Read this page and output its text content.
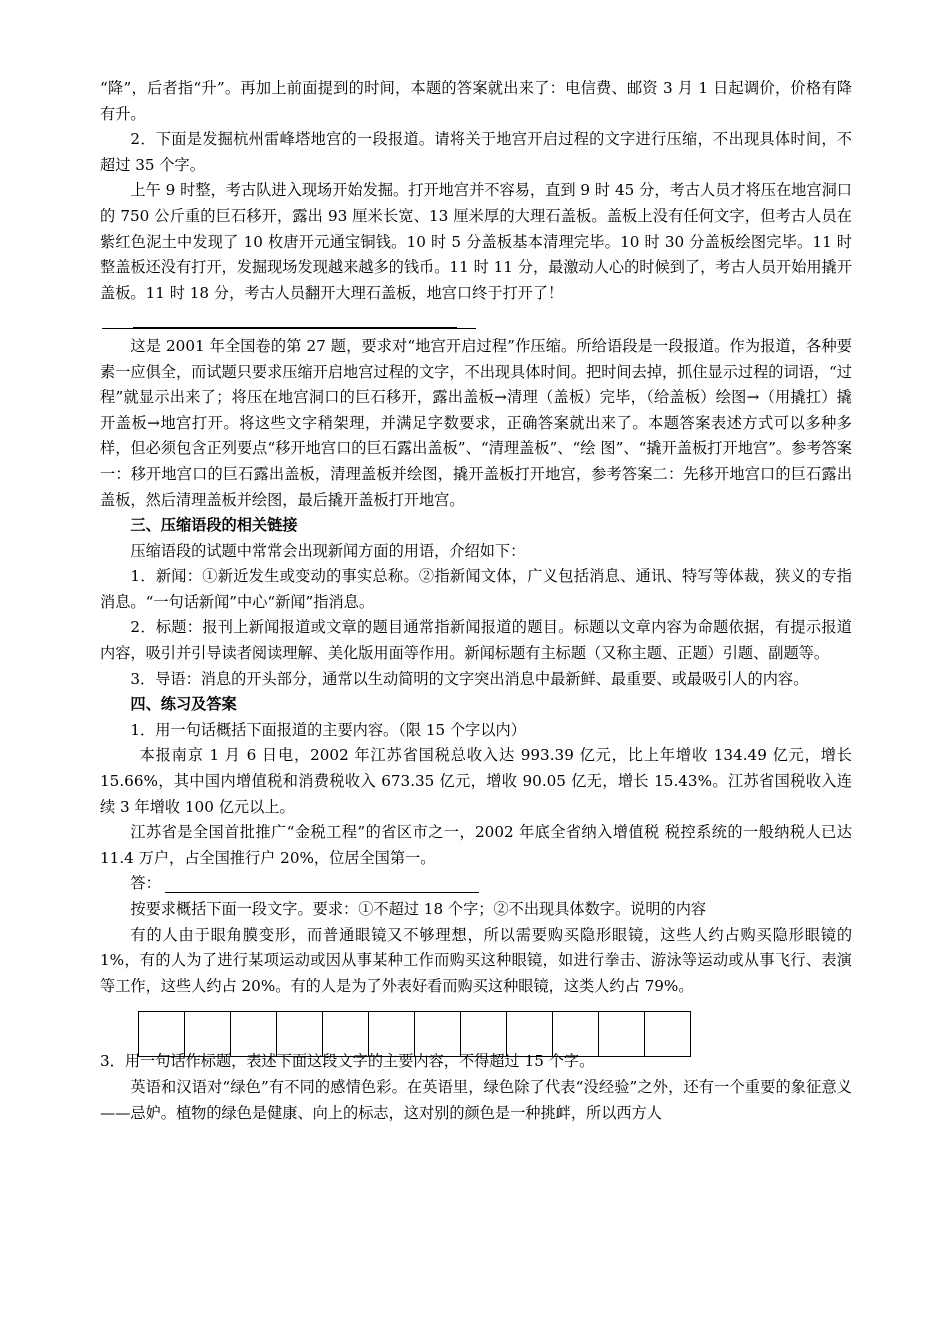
“降”，后者指“升”。再加上前面提到的时间，本题的答案就出来了：电信费、邮资 3 月 1 日起调价，价格有降有升。

2．下面是发掘杭州雷峰塔地宫的一段报道。请将关于地宫开启过程的文字进行压缩，不出现具体时间，不超过 35 个字。

上午 9 时整，考古队进入现场开始发掘。打开地宫并不容易，直到 9 时 45 分，考古人员才将压在地宫洞口的 750 公斤重的巨石移开，露出 93 厘米长宽、13 厘米厚的大理石盖板。盖板上没有任何文字，但考古人员在紫红色泥土中发现了 10 枚唐开元通宝铜钱。10 时 5 分盖板基本清理完毕。10 时 30 分盖板绘图完毕。11 时整盖板还没有打开，发掘现场发现越来越多的钱币。11 时 11 分，最激动人心的时候到了，考古人员开始用撬开盖板。11 时 18 分，考古人员翻开大理石盖板，地宫口终于打开了！

这是 2001 年全国卷的第 27 题，要求对“地宫开启过程”作压缩。所给语段是一段报道。作为报道，各种要素一应俱全，而试题只要求压缩开启地宫过程的文字，不出现具体时间。把时间去掉，抓住显示过程的词语，“过程”就显示出来了；将压在地宫洞口的巨石移开，露出盖板→清理（盖板）完毕，（给盖板）绘图→（用撬扛）撬开盖板→地宫打开。将这些文字稍架理，并满足字数要求，正确答案就出来了。本题答案表述方式可以多种多样，但必须包含正列要点“移开地宫口的巨石露出盖板”、“清理盖板”、“绘 图”、“撬开盖板打开地宫”。参考答案一：移开地宫口的巨石露出盖板，清理盖板并绘图，撬开盖板打开地宫，参考答案二：先移开地宫口的巨石露出盖板，然后清理盖板并绘图，最后撬开盖板打开地宫。

三、压缩语段的相关链接

压缩语段的试题中常常会出现新闻方面的用语，介绍如下：

1．新闻：①新近发生或变动的事实总称。②指新闻文体，广义包括消息、通讯、特写等体裁，狭义的专指消息。“一句话新闻”中心“新闻”指消息。

2．标题：报刊上新闻报道或文章的题目通常指新闻报道的题目。标题以文章内容为命题依据，有提示报道内容，吸引并引导读者阅读理解、美化版用面等作用。新闻标题有主标题（又称主题、正题）引题、副题等。

3．导语：消息的开头部分，通常以生动简明的文字突出消息中最新鲜、最重要、或最吸引人的内容。

四、练习及答案

1．用一句话概括下面报道的主要内容。（限 15 个字以内）

本报南京 1 月 6 日电，2002 年江苏省国税总收入达 993.39 亿元，比上年增收 134.49 亿元，增长 15.66%，其中国内增值税和消费税收入 673.35 亿元，增收 90.05 亿无，增长 15.43%。江苏省国税收入连续 3 年增收 100 亿元以上。

江苏省是全国首批推广“金税工程”的省区市之一，2002 年底全省纳入增值税 税控系统的一般纳税人已达 11.4 万户，占全国推行户 20%，位居全国第一。

答：

按要求概括下面一段文字。要求：①不超过 18 个字；②不出现具体数字。说明的内容

有的人由于眼角膜变形，而普通眼镜又不够理想，所以需要购买隐形眼镜，这些人约占购买隐形眼镜的 1%，有的人为了进行某项运动或因从事某种工作而购买这种眼镜，如进行拳击、游泳等运动或从事飞行、表演等工作，这些人约占 20%。有的人是为了外表好看而购买这种眼镜，这类人约占 79%。

3．用一句话作标题，表述下面这段文字的主要内容，不得超过 15 个字。

英语和汉语对“绿色”有不同的感情色彩。在英语里，绿色除了代表“没经验”之外，还有一个重要的象征意义——忌妒。植物的绿色是健康、向上的标志，这对别的颜色是一种挑衅，所以西方人
